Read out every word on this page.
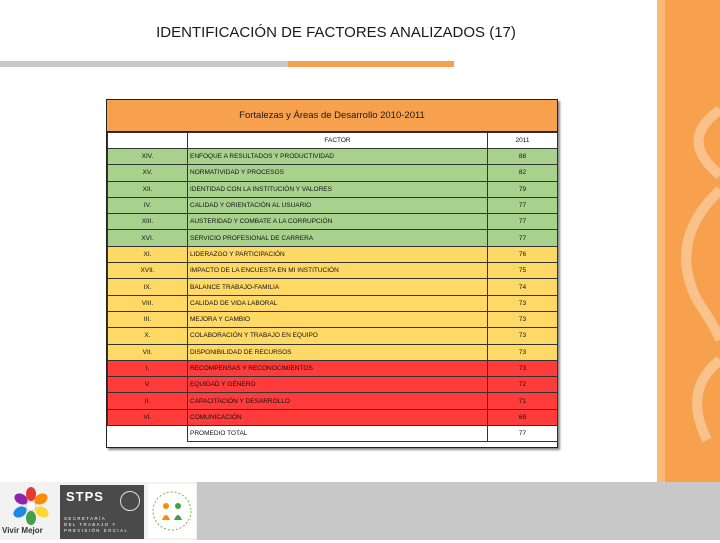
IDENTIFICACIÓN DE FACTORES ANALIZADOS (17)
Fortalezas y Áreas de Desarrollo 2010-2011
	FACTOR	2011
XIV.	ENFOQUE A RESULTADOS Y PRODUCTIVIDAD	88
XV.	NORMATIVIDAD Y PROCESOS	82
XII.	IDENTIDAD CON LA INSTITUCIÓN Y VALORES	79
IV.	CALIDAD Y ORIENTACIÓN AL USUARIO	77
XIII.	AUSTERIDAD Y COMBATE A LA CORRUPCIÓN	77
XVI.	SERVICIO PROFESIONAL DE CARRERA	77
XI.	LIDERAZGO Y PARTICIPACIÓN	76
XVII.	IMPACTO DE LA ENCUESTA EN MI INSTITUCIÓN	75
IX.	BALANCE TRABAJO-FAMILIA	74
VIII.	CALIDAD DE VIDA LABORAL	73
III.	MEJORA Y CAMBIO	73
X.	COLABORACIÓN Y TRABAJO EN EQUIPO	73
VII.	DISPONIBILIDAD DE RECURSOS	73
I.	RECOMPENSAS Y RECONOCIMIENTOS	73
V.	EQUIDAD Y GÉNERO	72
II.	CAPACITACIÓN Y DESARROLLO	71
VI.	COMUNICACIÓN	69
	PROMEDIO TOTAL	77
Vivir Mejor
STPS
SECRETARÍA
DEL TRABAJO Y
PREVISIÓN SOCIAL
